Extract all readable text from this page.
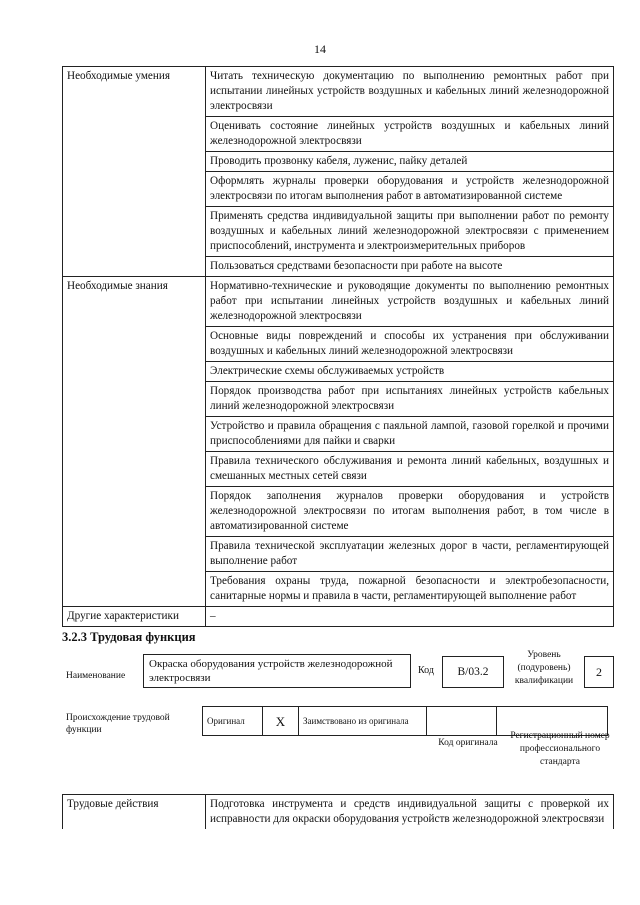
14
Необходимые умения	Читать техническую документацию по выполнению ремонтных работ при испытании линейных устройств воздушных и кабельных линий железнодорожной электросвязи
	Оценивать состояние линейных устройств воздушных и кабельных линий железнодорожной электросвязи
	Проводить прозвонку кабеля, луженис, пайку деталей
	Оформлять журналы проверки оборудования и устройств железнодорожной электросвязи по итогам выполнения работ в автоматизированной системе
	Применять средства индивидуальной защиты при выполнении работ по ремонту воздушных и кабельных линий железнодорожной электросвязи с применением приспособлений, инструмента и электроизмерительных приборов
	Пользоваться средствами безопасности при работе на высоте
Необходимые знания	Нормативно-технические и руководящие документы по выполнению ремонтных работ при испытании линейных устройств воздушных и кабельных линий железнодорожной электросвязи
	Основные виды повреждений и способы их устранения при обслуживании воздушных и кабельных линий железнодорожной электросвязи
	Электрические схемы обслуживаемых устройств
	Порядок производства работ при испытаниях линейных устройств кабельных линий железнодорожной электросвязи
	Устройство и правила обращения с паяльной лампой, газовой горелкой и прочими приспособлениями для пайки и сварки
	Правила технического обслуживания и ремонта линий кабельных, воздушных и смешанных местных сетей связи
	Порядок заполнения журналов проверки оборудования и устройств железнодорожной электросвязи по итогам выполнения работ, в том числе в автоматизированной системе
	Правила технической эксплуатации железных дорог в части, регламентирующей выполнение работ
	Требования охраны труда, пожарной безопасности и электробезопасности, санитарные нормы и правила в части, регламентирующей выполнение работ
Другие характеристики	–
3.2.3 Трудовая функция
Наименование
Окраска оборудования устройств железнодорожной электросвязи
Код	B/03.2
Уровень (подуровень) квалификации
2
Происхождение трудовой функции
Оригинал	X	Заимствовано из оригинала
Код оригинала
Регистрационный номер профессионального стандарта
Трудовые действия	Подготовка инструмента и средств индивидуальной защиты с проверкой их исправности для окраски оборудования устройств железнодорожной электросвязи
